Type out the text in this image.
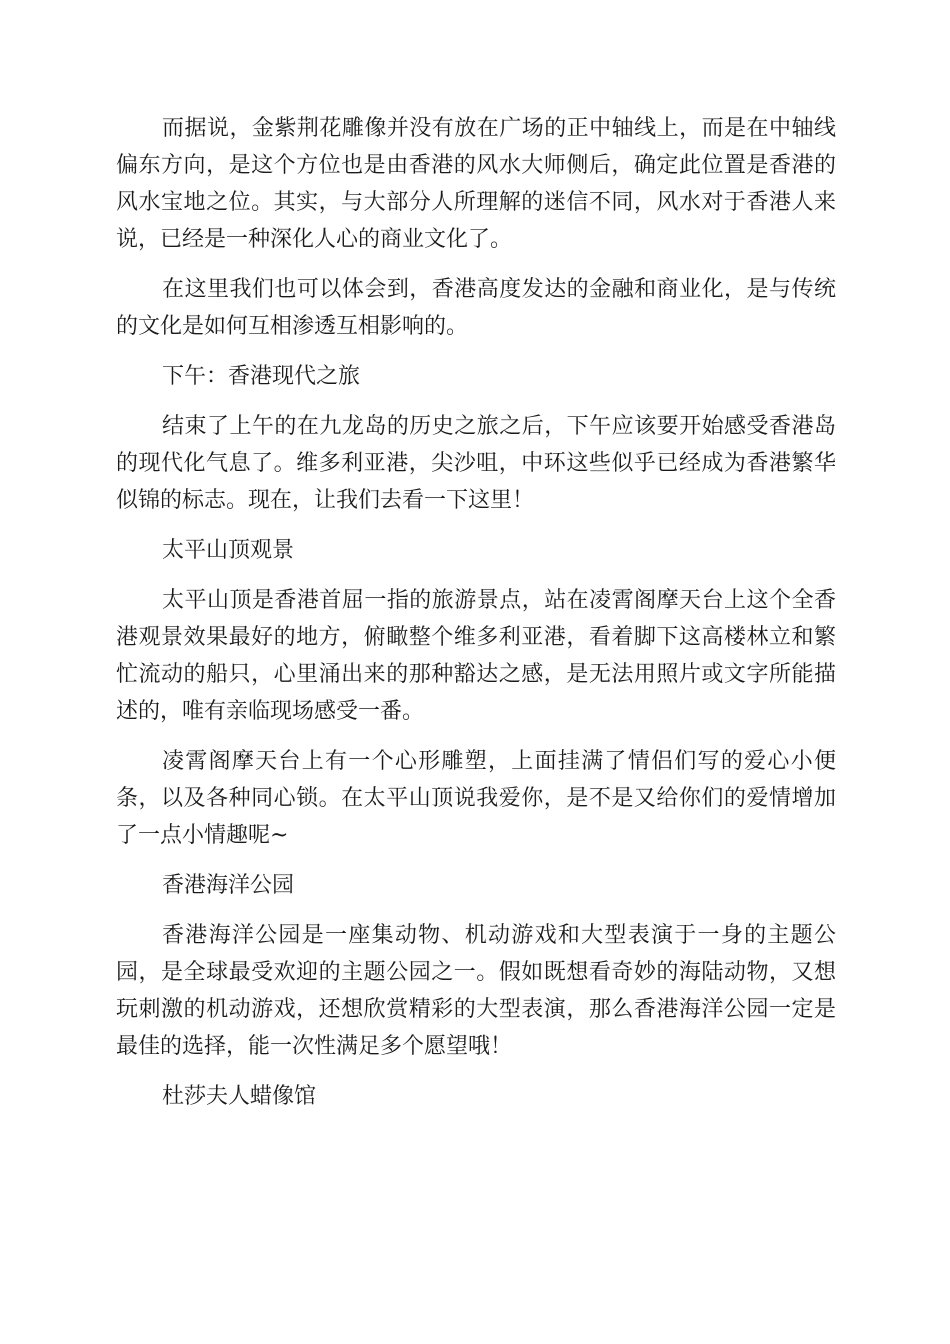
而据说，金紫荆花雕像并没有放在广场的正中轴线上，而是在中轴线偏东方向，是这个方位也是由香港的风水大师侧后，确定此位置是香港的风水宝地之位。其实，与大部分人所理解的迷信不同，风水对于香港人来说，已经是一种深化人心的商业文化了。

在这里我们也可以体会到，香港高度发达的金融和商业化，是与传统的文化是如何互相渗透互相影响的。

下午：香港现代之旅

结束了上午的在九龙岛的历史之旅之后，下午应该要开始感受香港岛的现代化气息了。维多利亚港，尖沙咀，中环这些似乎已经成为香港繁华似锦的标志。现在，让我们去看一下这里！

太平山顶观景

太平山顶是香港首屈一指的旅游景点，站在凌霄阁摩天台上这个全香港观景效果最好的地方，俯瞰整个维多利亚港，看着脚下这高楼林立和繁忙流动的船只，心里涌出来的那种豁达之感，是无法用照片或文字所能描述的，唯有亲临现场感受一番。

凌霄阁摩天台上有一个心形雕塑，上面挂满了情侣们写的爱心小便条，以及各种同心锁。在太平山顶说我爱你，是不是又给你们的爱情增加了一点小情趣呢~

香港海洋公园

香港海洋公园是一座集动物、机动游戏和大型表演于一身的主题公园，是全球最受欢迎的主题公园之一。假如既想看奇妙的海陆动物，又想玩刺激的机动游戏，还想欣赏精彩的大型表演，那么香港海洋公园一定是最佳的选择，能一次性满足多个愿望哦！

杜莎夫人蜡像馆
